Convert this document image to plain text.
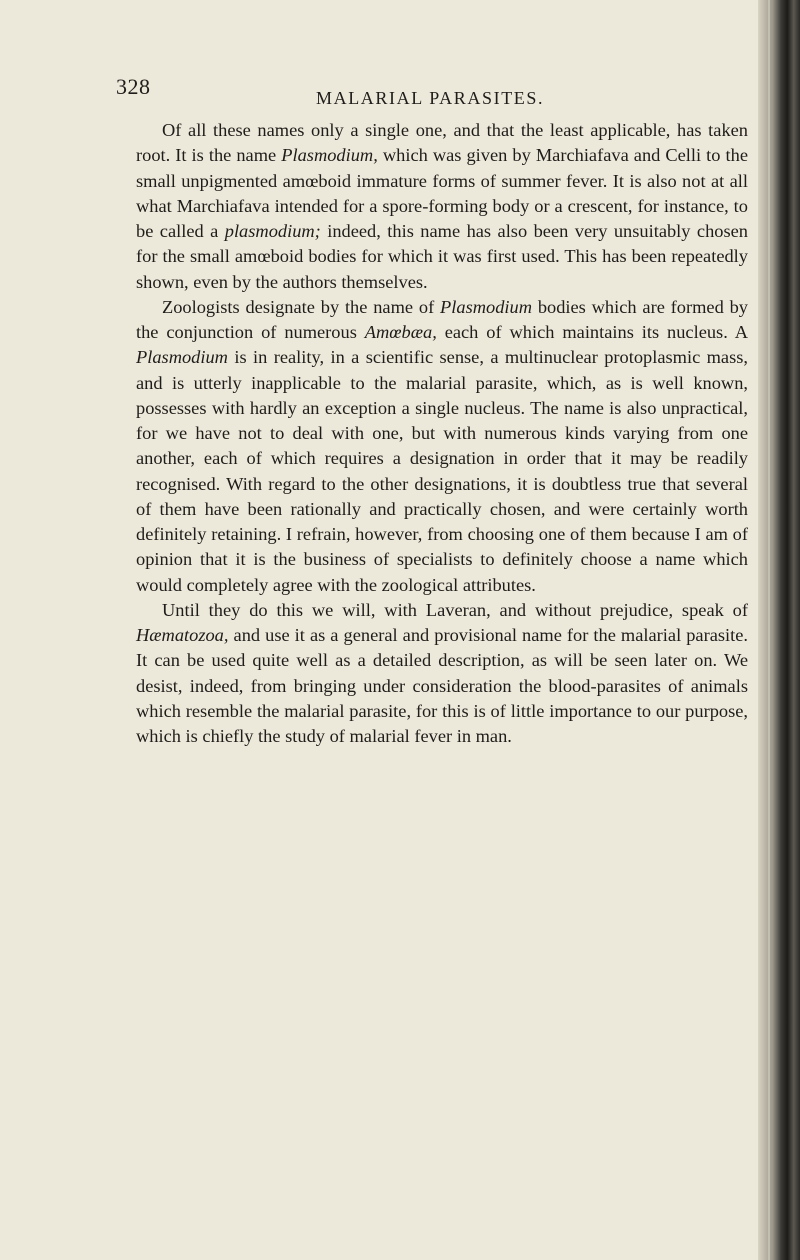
328	MALARIAL PARASITES.

Of all these names only a single one, and that the least applicable, has taken root. It is the name Plasmodium, which was given by Marchiafava and Celli to the small unpigmented amœboid immature forms of summer fever. It is also not at all what Marchiafava intended for a spore-forming body or a crescent, for instance, to be called a plasmodium; indeed, this name has also been very unsuitably chosen for the small amœboid bodies for which it was first used. This has been repeatedly shown, even by the authors themselves.

Zoologists designate by the name of Plasmodium bodies which are formed by the conjunction of numerous Amœbæa, each of which maintains its nucleus. A Plasmodium is in reality, in a scientific sense, a multinuclear protoplasmic mass, and is utterly inapplicable to the malarial parasite, which, as is well known, possesses with hardly an exception a single nucleus. The name is also unpractical, for we have not to deal with one, but with numerous kinds varying from one another, each of which requires a designation in order that it may be readily recognised. With regard to the other designations, it is doubtless true that several of them have been rationally and practically chosen, and were certainly worth definitely retaining. I refrain, however, from choosing one of them because I am of opinion that it is the business of specialists to definitely choose a name which would completely agree with the zoological attributes.

Until they do this we will, with Laveran, and without prejudice, speak of Hæmatozoa, and use it as a general and provisional name for the malarial parasite. It can be used quite well as a detailed description, as will be seen later on. We desist, indeed, from bringing under consideration the blood-parasites of animals which resemble the malarial parasite, for this is of little importance to our purpose, which is chiefly the study of malarial fever in man.
